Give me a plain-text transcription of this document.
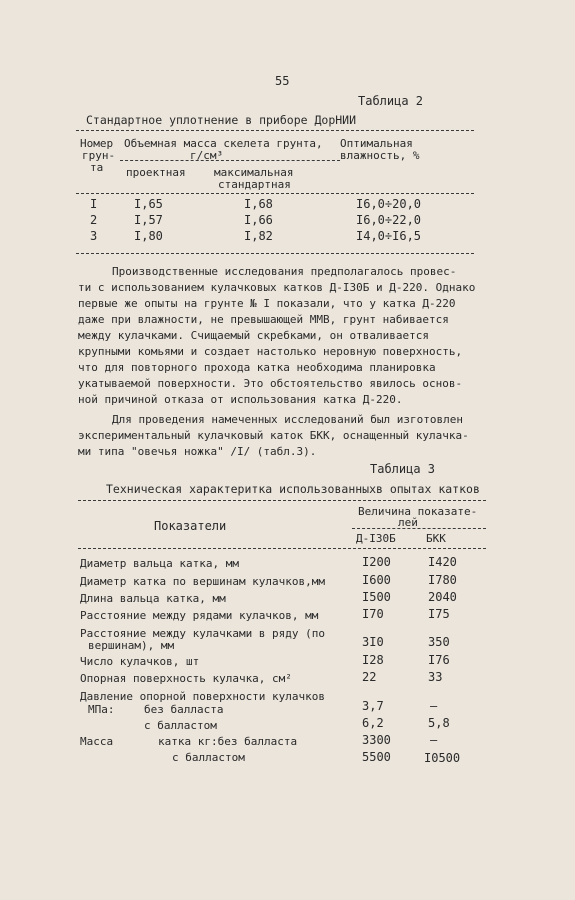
55
Таблица 2
Стандартное уплотнение в приборе ДорНИИ
Номер
грун-
та
Объемная масса скелета грунта,
г/см³
Оптимальная
влажность, %
проектная	максимальная
стандартная
I	I,65	I,68	I6,0÷20,0
2	I,57	I,66	I6,0÷22,0
3	I,80	I,82	I4,0÷I6,5

Производственные исследования предполагалось провес-

ти с использованием кулачковых катков Д-I30Б и Д-220. Однако

первые же опыты на грунте № I показали, что у катка Д-220

даже при влажности, не превышающей ММВ, грунт набивается

между кулачками. Счищаемый скребками, он отваливается

крупными комьями и создает настолько неровную поверхность,

что для повторного прохода катка необходима планировка

укатываемой поверхности. Это обстоятельство явилось основ-

ной причиной отказа от использования катка Д-220.

Для проведения намеченных исследований был изготовлен

экспериментальный кулачковый каток БКК, оснащенный кулачка-

ми типа "овечья ножка" /I/ (табл.3).

Таблица 3
Техническая характеритка использованныхв опытах катков
Величина показате-
лей
Показатели
Д-I30Б	БКК
Диаметр вальца катка, мм	I200	I420
Диаметр катка по вершинам кулачков,мм	I600	I780
Длина вальца катка, мм	I500	2040
Расстояние между рядами кулачков, мм	I70	I75
Расстояние между кулачками в ряду (по
вершинам), мм	3I0	350
Число кулачков, шт	I28	I76
Опорная поверхность кулачка, см²	22	33
Давление опорной поверхности кулачков
МПа:	без балласта	3,7	–
с балластом	6,2	5,8
Масса	катка кг:без балласта	3300	–
с балластом	5500	I0500
